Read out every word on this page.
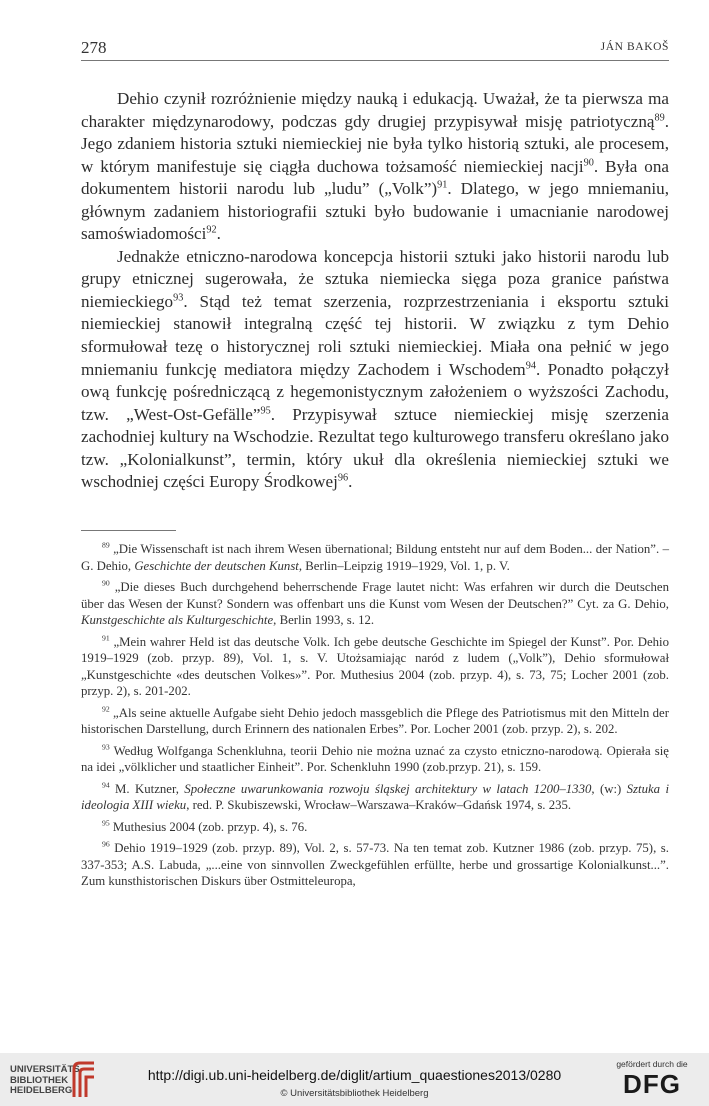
278	JÁN BAKOŠ

Dehio czynił rozróżnienie między nauką i edukacją. Uważał, że ta pierwsza ma charakter międzynarodowy, podczas gdy drugiej przypisywał misję patriotyczną$^{89}$. Jego zdaniem historia sztuki niemieckiej nie była tylko historią sztuki, ale procesem, w którym manifestuje się ciągła duchowa tożsamość niemieckiej nacji$^{90}$. Była ona dokumentem historii narodu lub „ludu” („Volk”)$^{91}$. Dlatego, w jego mniemaniu, głównym zadaniem historiografii sztuki było budowanie i umacnianie narodowej samoświadomości$^{92}$.

Jednakże etniczno-narodowa koncepcja historii sztuki jako historii narodu lub grupy etnicznej sugerowała, że sztuka niemiecka sięga poza granice państwa niemieckiego$^{93}$. Stąd też temat szerzenia, rozprzestrzeniania i eksportu sztuki niemieckiej stanowił integralną część tej historii. W związku z tym Dehio sformułował tezę o historycznej roli sztuki niemieckiej. Miała ona pełnić w jego mniemaniu funkcję mediatora między Zachodem i Wschodem$^{94}$. Ponadto połączył ową funkcję pośredniczącą z hegemonistycznym założeniem o wyższości Zachodu, tzw. „West-Ost-Gefälle”$^{95}$. Przypisywał sztuce niemieckiej misję szerzenia zachodniej kultury na Wschodzie. Rezultat tego kulturowego transferu określano jako tzw. „Kolonialkunst”, termin, który ukuł dla określenia niemieckiej sztuki we wschodniej części Europy Środkowej$^{96}$.

$^{89}$ „Die Wissenschaft ist nach ihrem Wesen übernational; Bildung entsteht nur auf dem Boden... der Nation”. – G. Dehio, Geschichte der deutschen Kunst, Berlin–Leipzig 1919–1929, Vol. 1, p. V.

$^{90}$ „Die dieses Buch durchgehend beherrschende Frage lautet nicht: Was erfahren wir durch die Deutschen über das Wesen der Kunst? Sondern was offenbart uns die Kunst vom Wesen der Deutschen?” Cyt. za G. Dehio, Kunstgeschichte als Kulturgeschichte, Berlin 1993, s. 12.

$^{91}$ „Mein wahrer Held ist das deutsche Volk. Ich gebe deutsche Geschichte im Spiegel der Kunst”. Por. Dehio 1919–1929 (zob. przyp. 89), Vol. 1, s. V. Utożsamiając naród z ludem („Volk”), Dehio sformułował „Kunstgeschichte «des deutschen Volkes»”. Por. Muthesius 2004 (zob. przyp. 4), s. 73, 75; Locher 2001 (zob. przyp. 2), s. 201-202.

$^{92}$ „Als seine aktuelle Aufgabe sieht Dehio jedoch massgeblich die Pflege des Patriotismus mit den Mitteln der historischen Darstellung, durch Erinnern des nationalen Erbes”. Por. Locher 2001 (zob. przyp. 2), s. 202.

$^{93}$ Według Wolfganga Schenkluhna, teorii Dehio nie można uznać za czysto etniczno-narodową. Opierała się na idei „völklicher und staatlicher Einheit”. Por. Schenkluhn 1990 (zob.przyp. 21), s. 159.

$^{94}$ M. Kutzner, Społeczne uwarunkowania rozwoju śląskej architektury w latach 1200–1330, (w:) Sztuka i ideologia XIII wieku, red. P. Skubiszewski, Wrocław–Warszawa–Kraków–Gdańsk 1974, s. 235.

$^{95}$ Muthesius 2004 (zob. przyp. 4), s. 76.

$^{96}$ Dehio 1919–1929 (zob. przyp. 89), Vol. 2, s. 57-73. Na ten temat zob. Kutzner 1986 (zob. przyp. 75), s. 337-353; A.S. Labuda, „...eine von sinnvollen Zweckgefühlen erfüllte, herbe und grossartige Kolonialkunst...”. Zum kunsthistorischen Diskurs über Ostmitteleuropa,

UNIVERSITÄTS-
BIBLIOTHEK
HEIDELBERG
http://digi.ub.uni-heidelberg.de/diglit/artium_quaestiones2013/0280
© Universitätsbibliothek Heidelberg
gefördert durch die
DFG
